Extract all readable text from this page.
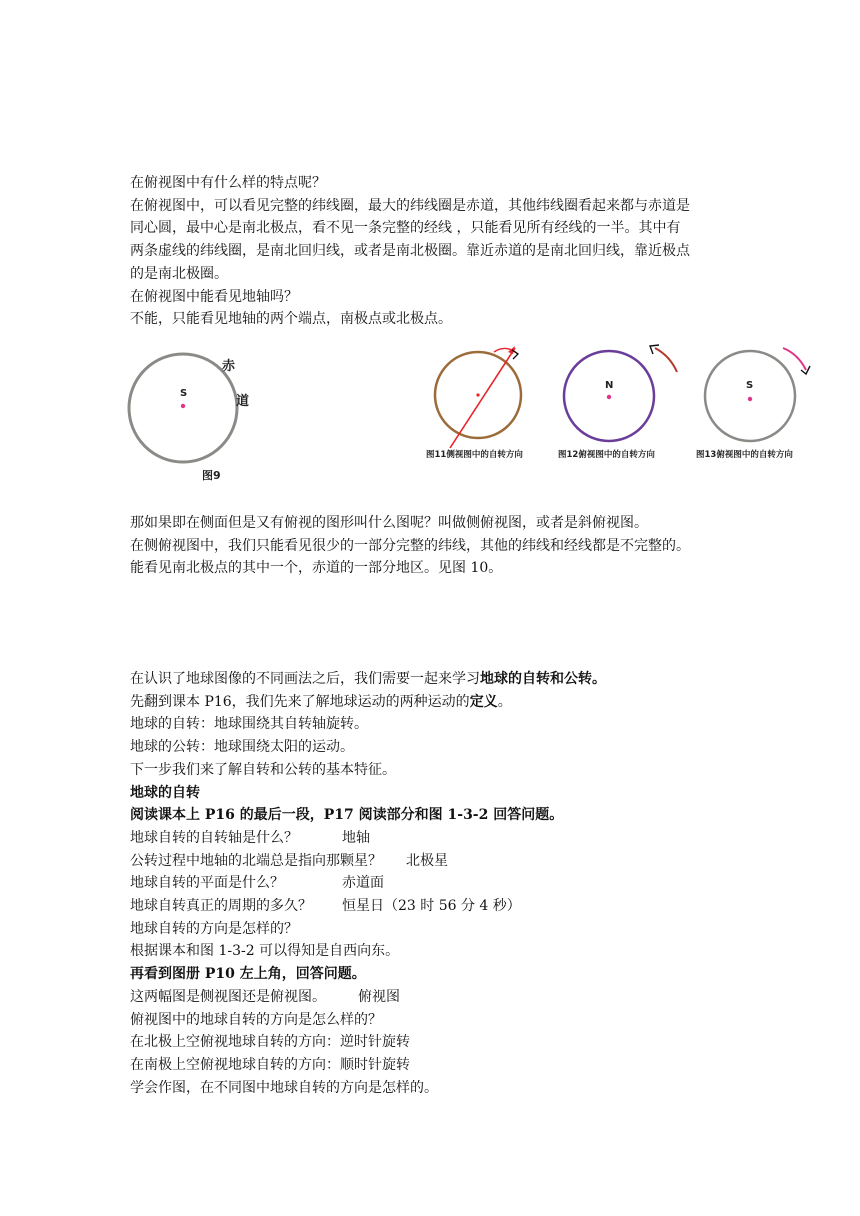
在俯视图中有什么样的特点呢？
在俯视图中，可以看见完整的纬线圈，最大的纬线圈是赤道，其他纬线圈看起来都与赤道是
同心圆，最中心是南北极点，看不见一条完整的经线 ，只能看见所有经线的一半。其中有
两条虚线的纬线圈，是南北回归线，或者是南北极圈。靠近赤道的是南北回归线，靠近极点
的是南北极圈。
在俯视图中能看见地轴吗？
不能，只能看见地轴的两个端点，南极点或北极点。
S
赤
道
图9
图11侧视图中的自转方向
N
图12俯视图中的自转方向
S
图13俯视图中的自转方向
那如果即在侧面但是又有俯视的图形叫什么图呢？叫做侧俯视图，或者是斜俯视图。
在侧俯视图中，我们只能看见很少的一部分完整的纬线，其他的纬线和经线都是不完整的。
能看见南北极点的其中一个，赤道的一部分地区。见图 10。
在认识了地球图像的不同画法之后，我们需要一起来学习地球的自转和公转。
先翻到课本 P16，我们先来了解地球运动的两种运动的定义。
地球的自转：地球围绕其自转轴旋转。
地球的公转：地球围绕太阳的运动。
下一步我们来了解自转和公转的基本特征。
地球的自转
阅读课本上 P16 的最后一段，P17 阅读部分和图 1-3-2 回答问题。
地球自转的自转轴是什么？	地轴
公转过程中地轴的北端总是指向那颗星？ 北极星
地球自转的平面是什么？	赤道面
地球自转真正的周期的多久？ 恒星日（23 时 56 分 4 秒）
地球自转的方向是怎样的？
根据课本和图 1-3-2 可以得知是自西向东。
再看到图册 P10 左上角，回答问题。
这两幅图是侧视图还是俯视图。 俯视图
俯视图中的地球自转的方向是怎么样的？
在北极上空俯视地球自转的方向：逆时针旋转
在南极上空俯视地球自转的方向：顺时针旋转
学会作图，在不同图中地球自转的方向是怎样的。
